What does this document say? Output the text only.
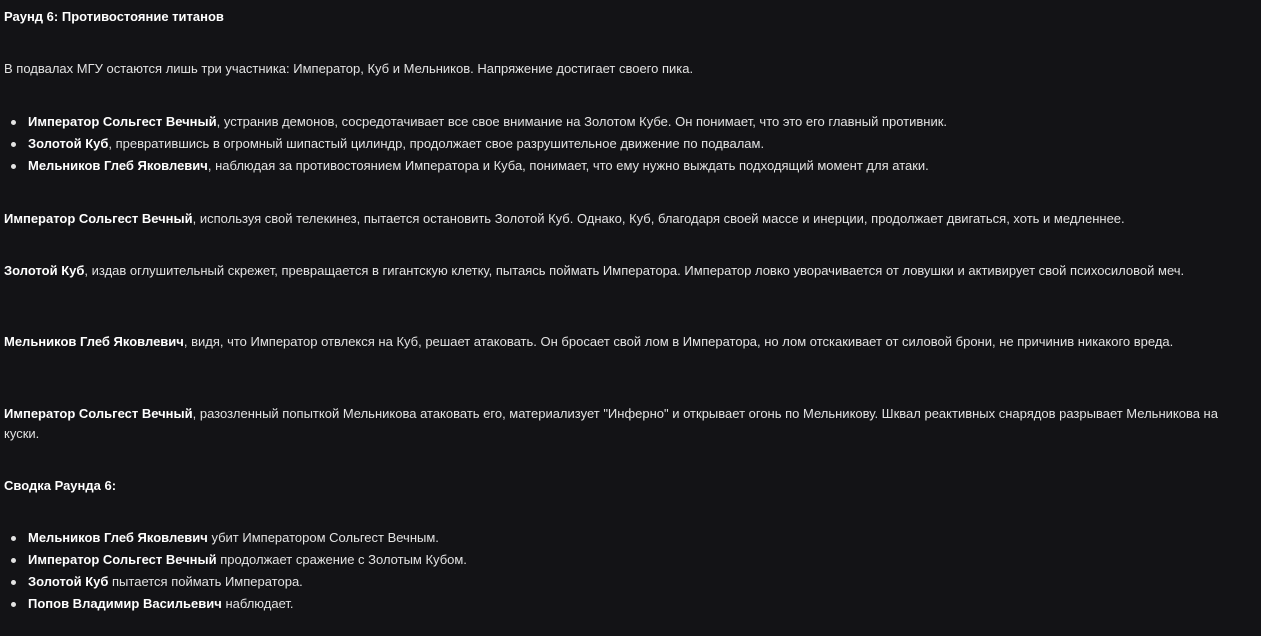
Раунд 6: Противостояние титанов

В подвалах МГУ остаются лишь три участника: Император, Куб и Мельников. Напряжение достигает своего пика.

Император Сольгест Вечный, устранив демонов, сосредотачивает все свое внимание на Золотом Кубе. Он понимает, что это его главный противник.
Золотой Куб, превратившись в огромный шипастый цилиндр, продолжает свое разрушительное движение по подвалам.
Мельников Глеб Яковлевич, наблюдая за противостоянием Императора и Куба, понимает, что ему нужно выждать подходящий момент для атаки.

Император Сольгест Вечный, используя свой телекинез, пытается остановить Золотой Куб. Однако, Куб, благодаря своей массе и инерции, продолжает двигаться, хоть и медленнее.

Золотой Куб, издав оглушительный скрежет, превращается в гигантскую клетку, пытаясь поймать Императора. Император ловко уворачивается от ловушки и активирует свой психосиловой меч.

Мельников Глеб Яковлевич, видя, что Император отвлекся на Куб, решает атаковать. Он бросает свой лом в Императора, но лом отскакивает от силовой брони, не причинив никакого вреда.

Император Сольгест Вечный, разозленный попыткой Мельникова атаковать его, материализует "Инферно" и открывает огонь по Мельникову. Шквал реактивных снарядов разрывает Мельникова на куски.

Сводка Раунда 6:

Мельников Глеб Яковлевич убит Императором Сольгест Вечным.
Император Сольгест Вечный продолжает сражение с Золотым Кубом.
Золотой Куб пытается поймать Императора.
Попов Владимир Васильевич наблюдает.
